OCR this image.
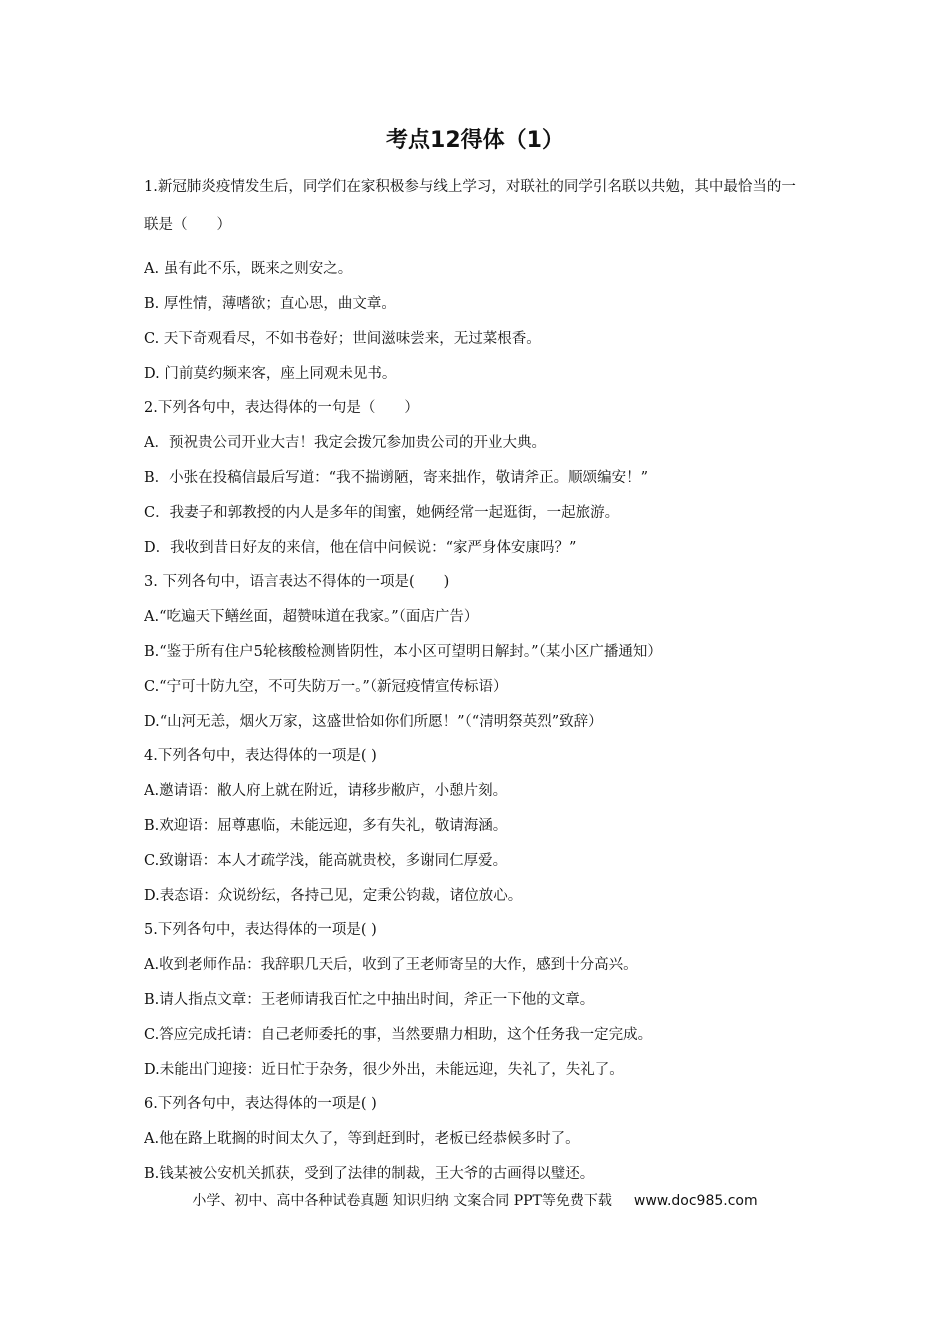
考点12得体（1）
1.新冠肺炎疫情发生后，同学们在家积极参与线上学习，对联社的同学引名联以共勉，其中最恰当的一联是（　　）
A. 虽有此不乐，既来之则安之。
B. 厚性情，薄嗜欲；直心思，曲文章。
C. 天下奇观看尽，不如书卷好；世间滋味尝来，无过菜根香。
D. 门前莫约频来客，座上同观未见书。
2.下列各句中，表达得体的一句是（　　）
A．预祝贵公司开业大吉！我定会拨冗参加贵公司的开业大典。
B．小张在投稿信最后写道：“我不揣谫陋，寄来拙作，敬请斧正。顺颂编安！”
C．我妻子和郭教授的内人是多年的闺蜜，她俩经常一起逛街，一起旅游。
D．我收到昔日好友的来信，他在信中问候说：“家严身体安康吗？”
3. 下列各句中，语言表达不得体的一项是(　　)
A.“吃遍天下鳝丝面，超赞味道在我家。”（面店广告）
B.“鉴于所有住户5轮核酸检测皆阴性，本小区可望明日解封。”（某小区广播通知）
C.“宁可十防九空，不可失防万一。”（新冠疫情宣传标语）
D.“山河无恙，烟火万家，这盛世恰如你们所愿！”（“清明祭英烈”致辞）
4.下列各句中，表达得体的一项是( )
A.邀请语：敝人府上就在附近，请移步敝庐，小憩片刻。
B.欢迎语：屈尊惠临，未能远迎，多有失礼，敬请海涵。
C.致谢语：本人才疏学浅，能高就贵校，多谢同仁厚爱。
D.表态语：众说纷纭，各持己见，定秉公钧裁，诸位放心。
5.下列各句中，表达得体的一项是( )
A.收到老师作品：我辞职几天后，收到了王老师寄呈的大作，感到十分高兴。
B.请人指点文章：王老师请我百忙之中抽出时间，斧正一下他的文章。
C.答应完成托请：自己老师委托的事，当然要鼎力相助，这个任务我一定完成。
D.未能出门迎接：近日忙于杂务，很少外出，未能远迎，失礼了，失礼了。
6.下列各句中，表达得体的一项是( )
A.他在路上耽搁的时间太久了，等到赶到时，老板已经恭候多时了。
B.钱某被公安机关抓获，受到了法律的制裁，王大爷的古画得以璧还。
小学、初中、高中各种试卷真题 知识归纳 文案合同 PPT等免费下载 www.doc985.com
